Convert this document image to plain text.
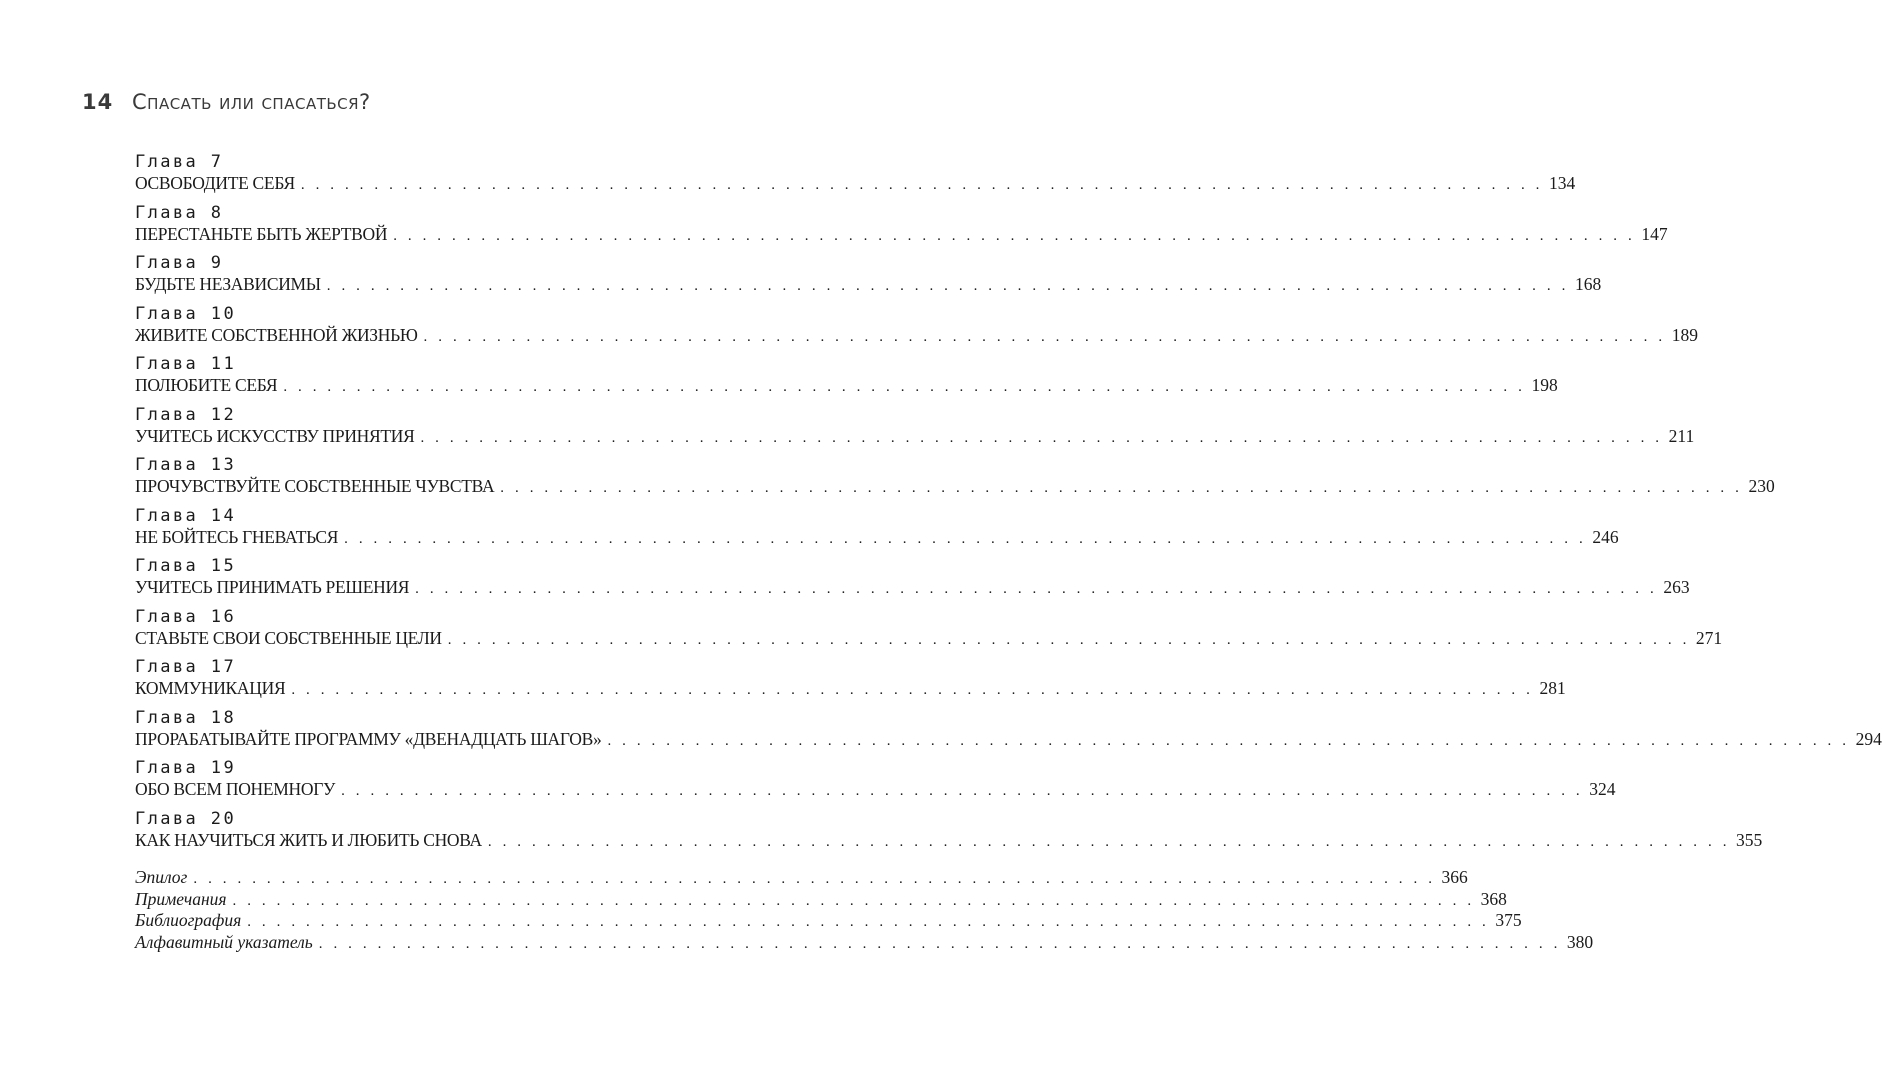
14 Спасать или спасаться?
Глава 7
ОСВОБОДИТЕ СЕБЯ . . . . . . . . . . . . . . . . . . . . . . . . . . . . . . . . . . . . . . . . . . . . . . . . . . . . . . . . . . . . . . . . . . . . . . . . . . . . . . . . . . . . . 134
Глава 8
ПЕРЕСТАНЬТЕ БЫТЬ ЖЕРТВОЙ . . . . . . . . . . . . . . . . . . . . . . . . . . . . . . . . . . . . . . . . . . . . . . . . . . . . . . . . . . . . . . . . . . . . . . . . . . . . . . . . . . . . . 147
Глава 9
БУДЬТЕ НЕЗАВИСИМЫ . . . . . . . . . . . . . . . . . . . . . . . . . . . . . . . . . . . . . . . . . . . . . . . . . . . . . . . . . . . . . . . . . . . . . . . . . . . . . . . . . . . . . 168
Глава 10
ЖИВИТЕ СОБСТВЕННОЙ ЖИЗНЬЮ . . . . . . . . . . . . . . . . . . . . . . . . . . . . . . . . . . . . . . . . . . . . . . . . . . . . . . . . . . . . . . . . . . . . . . . . . . . . . . . . . . . . . 189
Глава 11
ПОЛЮБИТЕ СЕБЯ . . . . . . . . . . . . . . . . . . . . . . . . . . . . . . . . . . . . . . . . . . . . . . . . . . . . . . . . . . . . . . . . . . . . . . . . . . . . . . . . . . . . . 198
Глава 12
УЧИТЕСЬ ИСКУССТВУ ПРИНЯТИЯ . . . . . . . . . . . . . . . . . . . . . . . . . . . . . . . . . . . . . . . . . . . . . . . . . . . . . . . . . . . . . . . . . . . . . . . . . . . . . . . . . . . . . 211
Глава 13
ПРОЧУВСТВУЙТЕ СОБСТВЕННЫЕ ЧУВСТВА . . . . . . . . . . . . . . . . . . . . . . . . . . . . . . . . . . . . . . . . . . . . . . . . . . . . . . . . . . . . . . . . . . . . . . . . . . . . . . . . . . . . . 230
Глава 14
НЕ БОЙТЕСЬ ГНЕВАТЬСЯ . . . . . . . . . . . . . . . . . . . . . . . . . . . . . . . . . . . . . . . . . . . . . . . . . . . . . . . . . . . . . . . . . . . . . . . . . . . . . . . . . . . . . 246
Глава 15
УЧИТЕСЬ ПРИНИМАТЬ РЕШЕНИЯ . . . . . . . . . . . . . . . . . . . . . . . . . . . . . . . . . . . . . . . . . . . . . . . . . . . . . . . . . . . . . . . . . . . . . . . . . . . . . . . . . . . . . 263
Глава 16
СТАВЬТЕ СВОИ СОБСТВЕННЫЕ ЦЕЛИ . . . . . . . . . . . . . . . . . . . . . . . . . . . . . . . . . . . . . . . . . . . . . . . . . . . . . . . . . . . . . . . . . . . . . . . . . . . . . . . . . . . . . 271
Глава 17
КОММУНИКАЦИЯ . . . . . . . . . . . . . . . . . . . . . . . . . . . . . . . . . . . . . . . . . . . . . . . . . . . . . . . . . . . . . . . . . . . . . . . . . . . . . . . . . . . . . 281
Глава 18
ПРОРАБАТЫВАЙТЕ ПРОГРАММУ «ДВЕНАДЦАТЬ ШАГОВ» . . . . . . . . . . . . . . . . . . . . . . . . . . . . . . . . . . . . . . . . . . . . . . . . . . . . . . . . . . . . . . . . . . . . . . . . . . . . . . . . . . . . . 294
Глава 19
ОБО ВСЕМ ПОНЕМНОГУ . . . . . . . . . . . . . . . . . . . . . . . . . . . . . . . . . . . . . . . . . . . . . . . . . . . . . . . . . . . . . . . . . . . . . . . . . . . . . . . . . . . . . 324
Глава 20
КАК НАУЧИТЬСЯ ЖИТЬ И ЛЮБИТЬ СНОВА . . . . . . . . . . . . . . . . . . . . . . . . . . . . . . . . . . . . . . . . . . . . . . . . . . . . . . . . . . . . . . . . . . . . . . . . . . . . . . . . . . . . . 355
Эпилог . . . . . . . . . . . . . . . . . . . . . . . . . . . . . . . . . . . . . . . . . . . . . . . . . . . . . . . . . . . . . . . . . . . . . . . . . . . . . . . . . . . . . 366
Примечания . . . . . . . . . . . . . . . . . . . . . . . . . . . . . . . . . . . . . . . . . . . . . . . . . . . . . . . . . . . . . . . . . . . . . . . . . . . . . . . . . . . . . 368
Библиография . . . . . . . . . . . . . . . . . . . . . . . . . . . . . . . . . . . . . . . . . . . . . . . . . . . . . . . . . . . . . . . . . . . . . . . . . . . . . . . . . . . . . 375
Алфавитный указатель . . . . . . . . . . . . . . . . . . . . . . . . . . . . . . . . . . . . . . . . . . . . . . . . . . . . . . . . . . . . . . . . . . . . . . . . . . . . . . . . . . . . . 380
